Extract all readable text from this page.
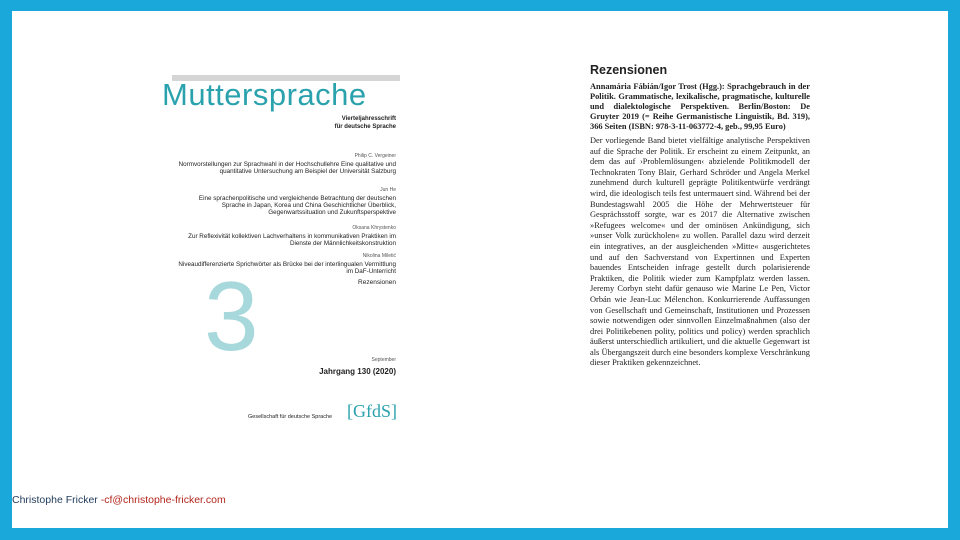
Muttersprache
Vierteljahresschrift
für deutsche Sprache
Philip C. Vergeiner
Normvorstellungen zur Sprachwahl in der Hochschullehre Eine qualitative und quantitative Untersuchung am Beispiel der Universität Salzburg
Jun He
Eine sprachenpolitische und vergleichende Betrachtung der deutschen Sprache in Japan, Korea und China Geschichtlicher Überblick, Gegenwartssituation und Zukunftsperspektive
Oksana Khrystenko
Zur Reflexivität kollektiven Lachverhaltens in kommunikativen Praktiken im Dienste der Männlichkeitskonstruktion
Nikolina Miletić
Niveaudifferenzierte Sprichwörter als Brücke bei der interlingualen Vermittlung im DaF-Unterricht
Rezensionen
3	September
Jahrgang 130 (2020)
Gesellschaft für deutsche Sprache [GfdS]
Rezensionen

Annamária Fábián/Igor Trost (Hgg.): Sprachgebrauch in der Politik. Grammatische, lexikalische, pragmatische, kulturelle und dialektologische Perspektiven. Berlin/Boston: De Gruyter 2019 (= Reihe Germanistische Linguistik, Bd. 319), 366 Seiten (ISBN: 978-3-11-063772-4, geb., 99,95 Euro)

Der vorliegende Band bietet vielfältige analytische Perspektiven auf die Sprache der Politik. Er erscheint zu einem Zeitpunkt, an dem das auf ›Problemlösungen‹ abzielende Politikmodell der Technokraten Tony Blair, Gerhard Schröder und Angela Merkel zunehmend durch kulturell geprägte Politikentwürfe verdrängt wird, die ideologisch teils fest untermauert sind. Während bei der Bundestagswahl 2005 die Höhe der Mehrwertsteuer für Gesprächsstoff sorgte, war es 2017 die Alternative zwischen »Refugees welcome« und der ominösen Ankündigung, sich »unser Volk zurückholen« zu wollen. Parallel dazu wird derzeit ein integratives, an der ausgleichenden »Mitte« ausgerichtetes und auf den Sachverstand von Expertinnen und Experten bauendes Entscheiden infrage gestellt durch polarisierende Praktiken, die Politik wieder zum Kampfplatz werden lassen. Jeremy Corbyn steht dafür genauso wie Marine Le Pen, Victor Orbán wie Jean-Luc Mélenchon. Konkurrierende Auffassungen von Gesellschaft und Gemeinschaft, Institutionen und Prozessen sowie notwendigen oder sinnvollen Einzelmaßnahmen (also der drei Politikebenen polity, politics und policy) werden sprachlich äußerst unterschiedlich artikuliert, und die aktuelle Gegenwart ist als Übergangszeit durch eine besonders komplexe Verschränkung dieser Praktiken gekennzeichnet.

Christophe Fricker -cf@christophe-fricker.com
